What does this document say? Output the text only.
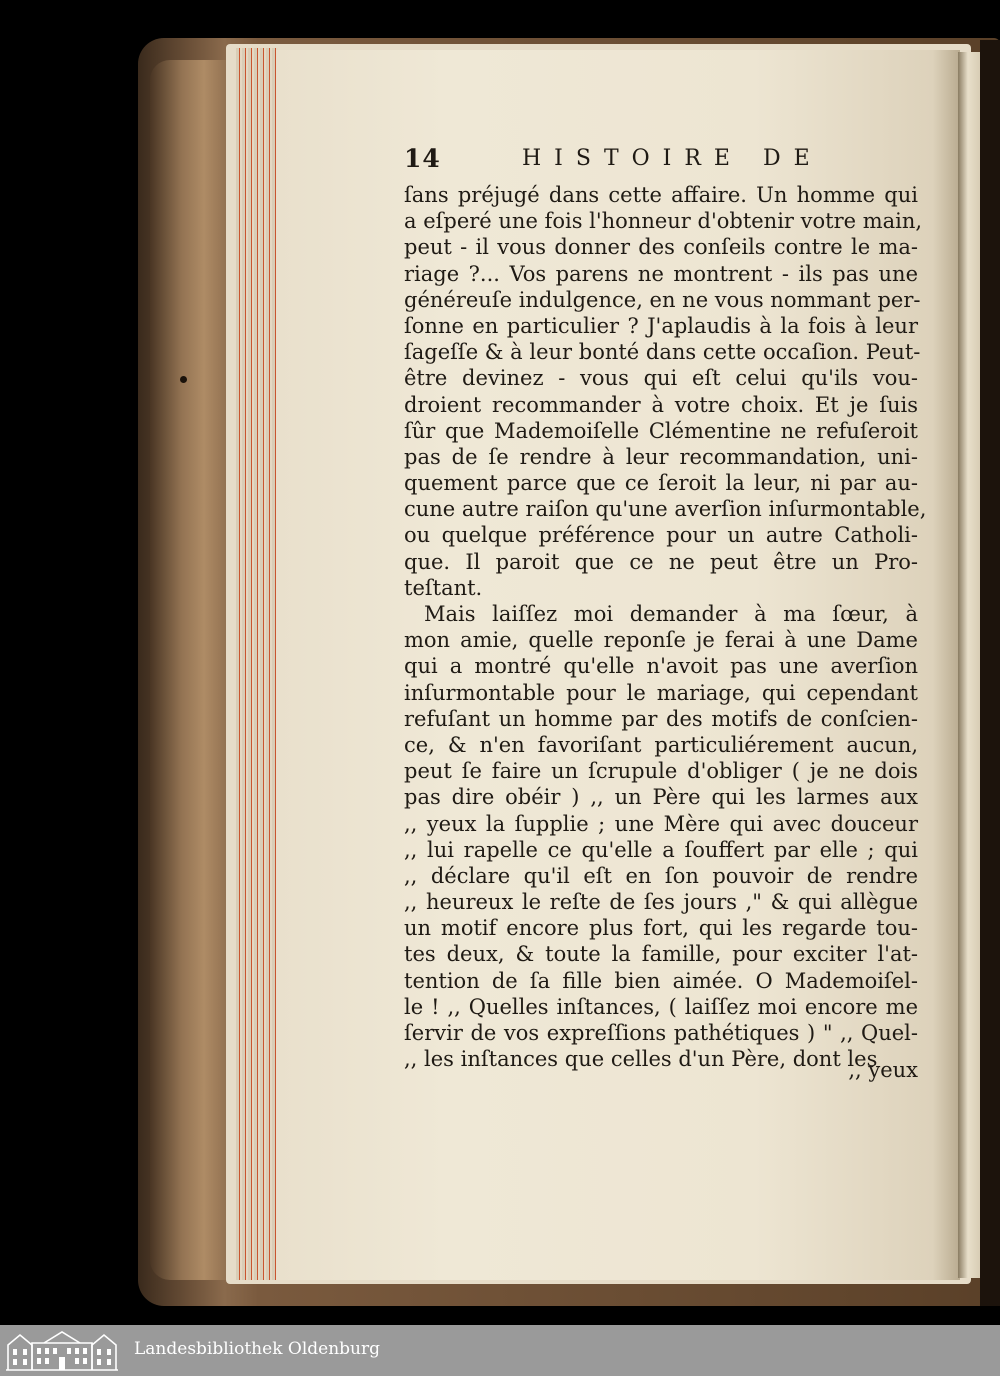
14	HISTOIRE DE
ſans préjugé dans cette affaire. Un homme qui
a eſperé une fois l'honneur d'obtenir votre main,
peut - il vous donner des conſeils contre le ma-
riage ?... Vos parens ne montrent - ils pas une
généreuſe indulgence, en ne vous nommant per-
ſonne en particulier ? J'aplaudis à la fois à leur
ſageſſe & à leur bonté dans cette occaſion. Peut-
être devinez - vous qui eſt celui qu'ils vou-
droient recommander à votre choix. Et je ſuis
ſûr que Mademoiſelle Clémentine ne refuſeroit
pas de ſe rendre à leur recommandation, uni-
quement parce que ce ſeroit la leur, ni par au-
cune autre raiſon qu'une averſion inſurmontable,
ou quelque préférence pour un autre Catholi-
que. Il paroit que ce ne peut être un Pro-
teſtant.
Mais laiſſez moi demander à ma ſœur, à
mon amie, quelle reponſe je ferai à une Dame
qui a montré qu'elle n'avoit pas une averſion
inſurmontable pour le mariage, qui cependant
refuſant un homme par des motifs de conſcien-
ce, & n'en favoriſant particuliérement aucun,
peut ſe faire un ſcrupule d'obliger ( je ne dois
pas dire obéir ) ,, un Père qui les larmes aux
,, yeux la ſupplie ; une Mère qui avec douceur
,, lui rapelle ce qu'elle a ſouffert par elle ; qui
,, déclare qu'il eſt en ſon pouvoir de rendre
,, heureux le reſte de ſes jours ," & qui allègue
un motif encore plus fort, qui les regarde tou-
tes deux, & toute la famille, pour exciter l'at-
tention de ſa fille bien aimée. O Mademoiſel-
le ! ,, Quelles inſtances, ( laiſſez moi encore me
ſervir de vos expreſſions pathétiques ) " ,, Quel-
,, les inſtances que celles d'un Père, dont les
,, yeux
Landesbibliothek Oldenburg
